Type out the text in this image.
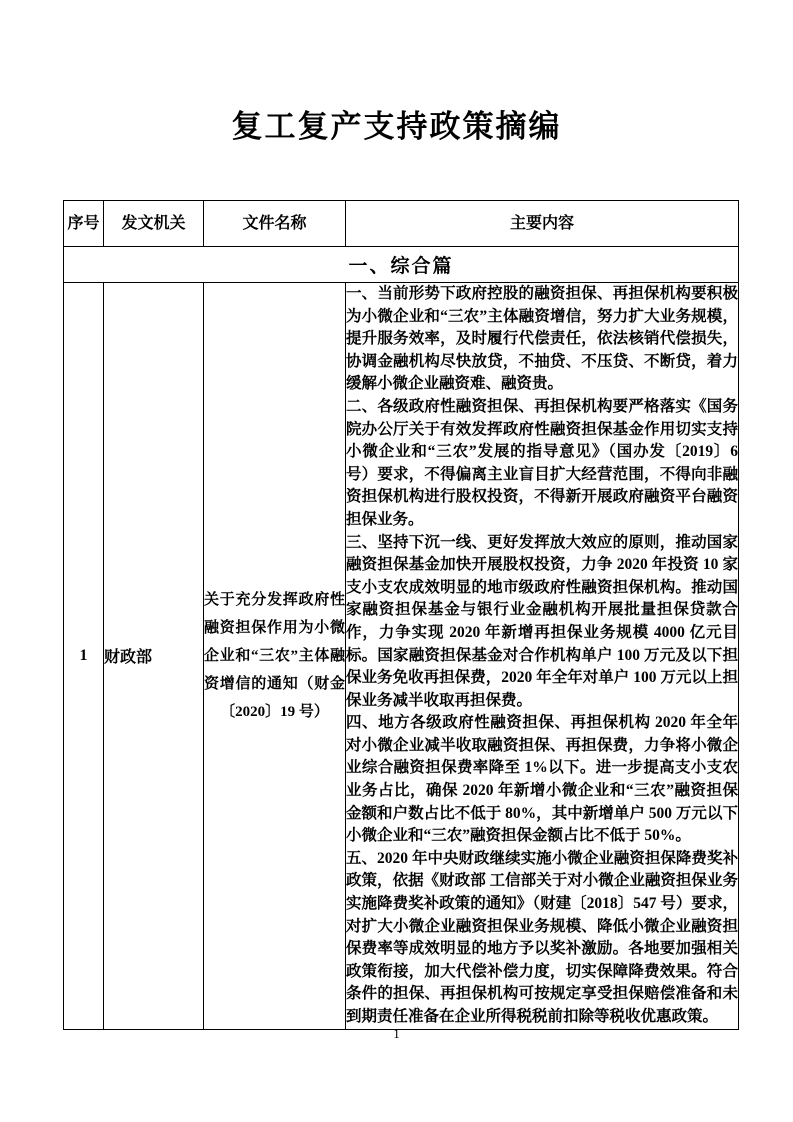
复工复产支持政策摘编
序号	发文机关	文件名称	主要内容
一、综合篇			
1	财政部	关于充分发挥政府性融资担保作用为小微企业和“三农”主体融资增信的通知（财金〔2020〕19 号）	一、当前形势下政府控股的融资担保、再担保机构要积极为小微企业和“三农”主体融资增信，努力扩大业务规模，提升服务效率，及时履行代偿责任，依法核销代偿损失，协调金融机构尽快放贷，不抽贷、不压贷、不断贷，着力缓解小微企业融资难、融资贵。

二、各级政府性融资担保、再担保机构要严格落实《国务院办公厅关于有效发挥政府性融资担保基金作用切实支持小微企业和“三农”发展的指导意见》（国办发〔2019〕6 号）要求，不得偏离主业盲目扩大经营范围，不得向非融资担保机构进行股权投资，不得新开展政府融资平台融资担保业务。

三、坚持下沉一线、更好发挥放大效应的原则，推动国家融资担保基金加快开展股权投资，力争 2020 年投资 10 家支小支农成效明显的地市级政府性融资担保机构。推动国家融资担保基金与银行业金融机构开展批量担保贷款合作，力争实现 2020 年新增再担保业务规模 4000 亿元目标。国家融资担保基金对合作机构单户 100 万元及以下担保业务免收再担保费，2020 年全年对单户 100 万元以上担保业务减半收取再担保费。

四、地方各级政府性融资担保、再担保机构 2020 年全年对小微企业减半收取融资担保、再担保费，力争将小微企业综合融资担保费率降至 1%以下。进一步提高支小支农业务占比，确保 2020 年新增小微企业和“三农”融资担保金额和户数占比不低于 80%，其中新增单户 500 万元以下小微企业和“三农”融资担保金额占比不低于 50%。

五、2020 年中央财政继续实施小微企业融资担保降费奖补政策，依据《财政部 工信部关于对小微企业融资担保业务实施降费奖补政策的通知》（财建〔2018〕547 号）要求，对扩大小微企业融资担保业务规模、降低小微企业融资担保费率等成效明显的地方予以奖补激励。各地要加强相关政策衔接，加大代偿补偿力度，切实保障降费效果。符合条件的担保、再担保机构可按规定享受担保赔偿准备和未到期责任准备在企业所得税税前扣除等税收优惠政策。

1
